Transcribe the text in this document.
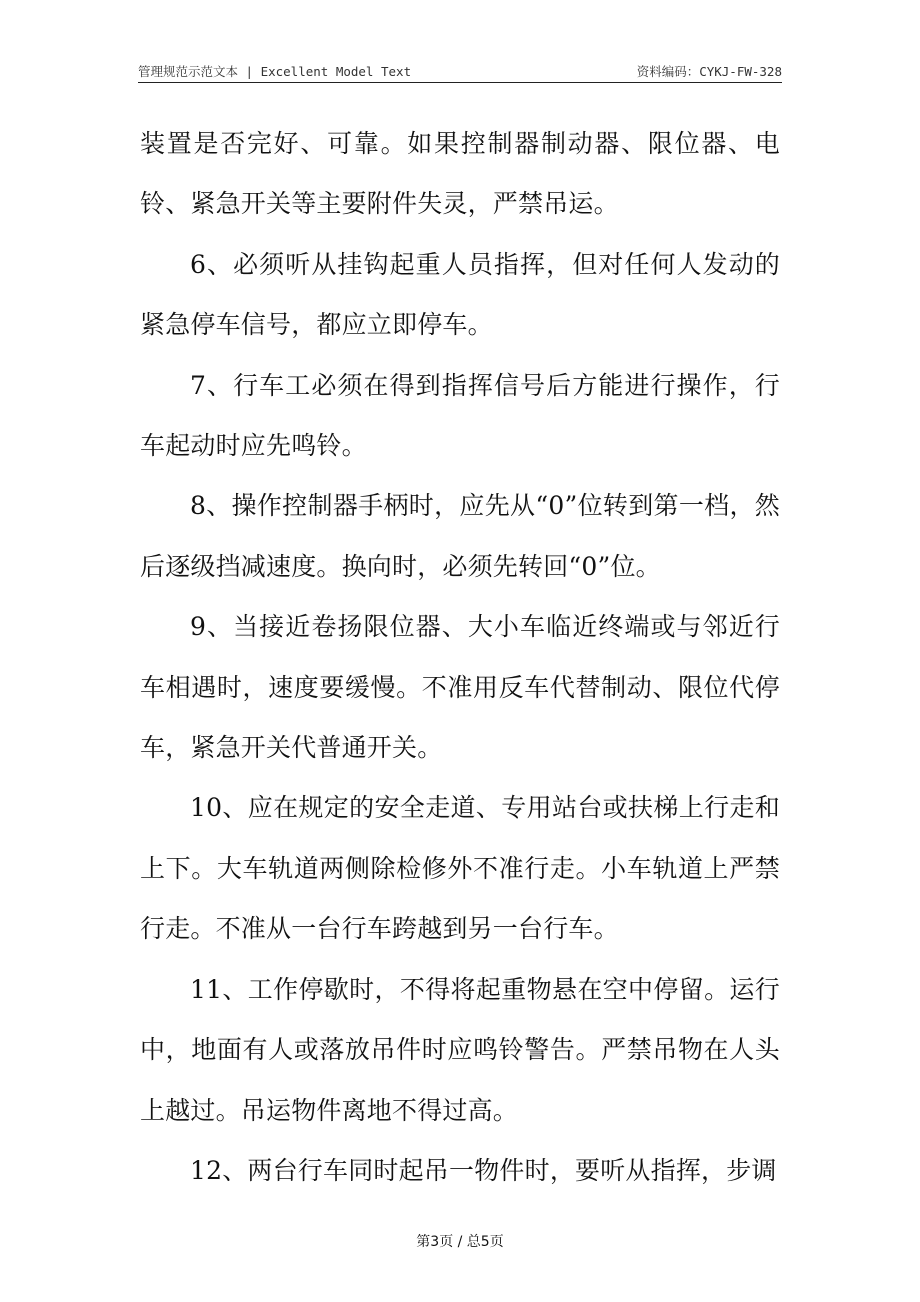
管理规范示范文本 | Excellent Model Text	资料编码：CYKJ-FW-328

装置是否完好、可靠。如果控制器制动器、限位器、电铃、紧急开关等主要附件失灵，严禁吊运。

6、必须听从挂钩起重人员指挥，但对任何人发动的紧急停车信号，都应立即停车。

7、行车工必须在得到指挥信号后方能进行操作，行车起动时应先鸣铃。

8、操作控制器手柄时，应先从“0”位转到第一档，然后逐级挡减速度。换向时，必须先转回“0”位。

9、当接近卷扬限位器、大小车临近终端或与邻近行车相遇时，速度要缓慢。不准用反车代替制动、限位代停车，紧急开关代普通开关。

10、应在规定的安全走道、专用站台或扶梯上行走和上下。大车轨道两侧除检修外不准行走。小车轨道上严禁行走。不准从一台行车跨越到另一台行车。

11、工作停歇时，不得将起重物悬在空中停留。运行中，地面有人或落放吊件时应鸣铃警告。严禁吊物在人头上越过。吊运物件离地不得过高。

12、两台行车同时起吊一物件时，要听从指挥，步调

第3页 / 总5页
